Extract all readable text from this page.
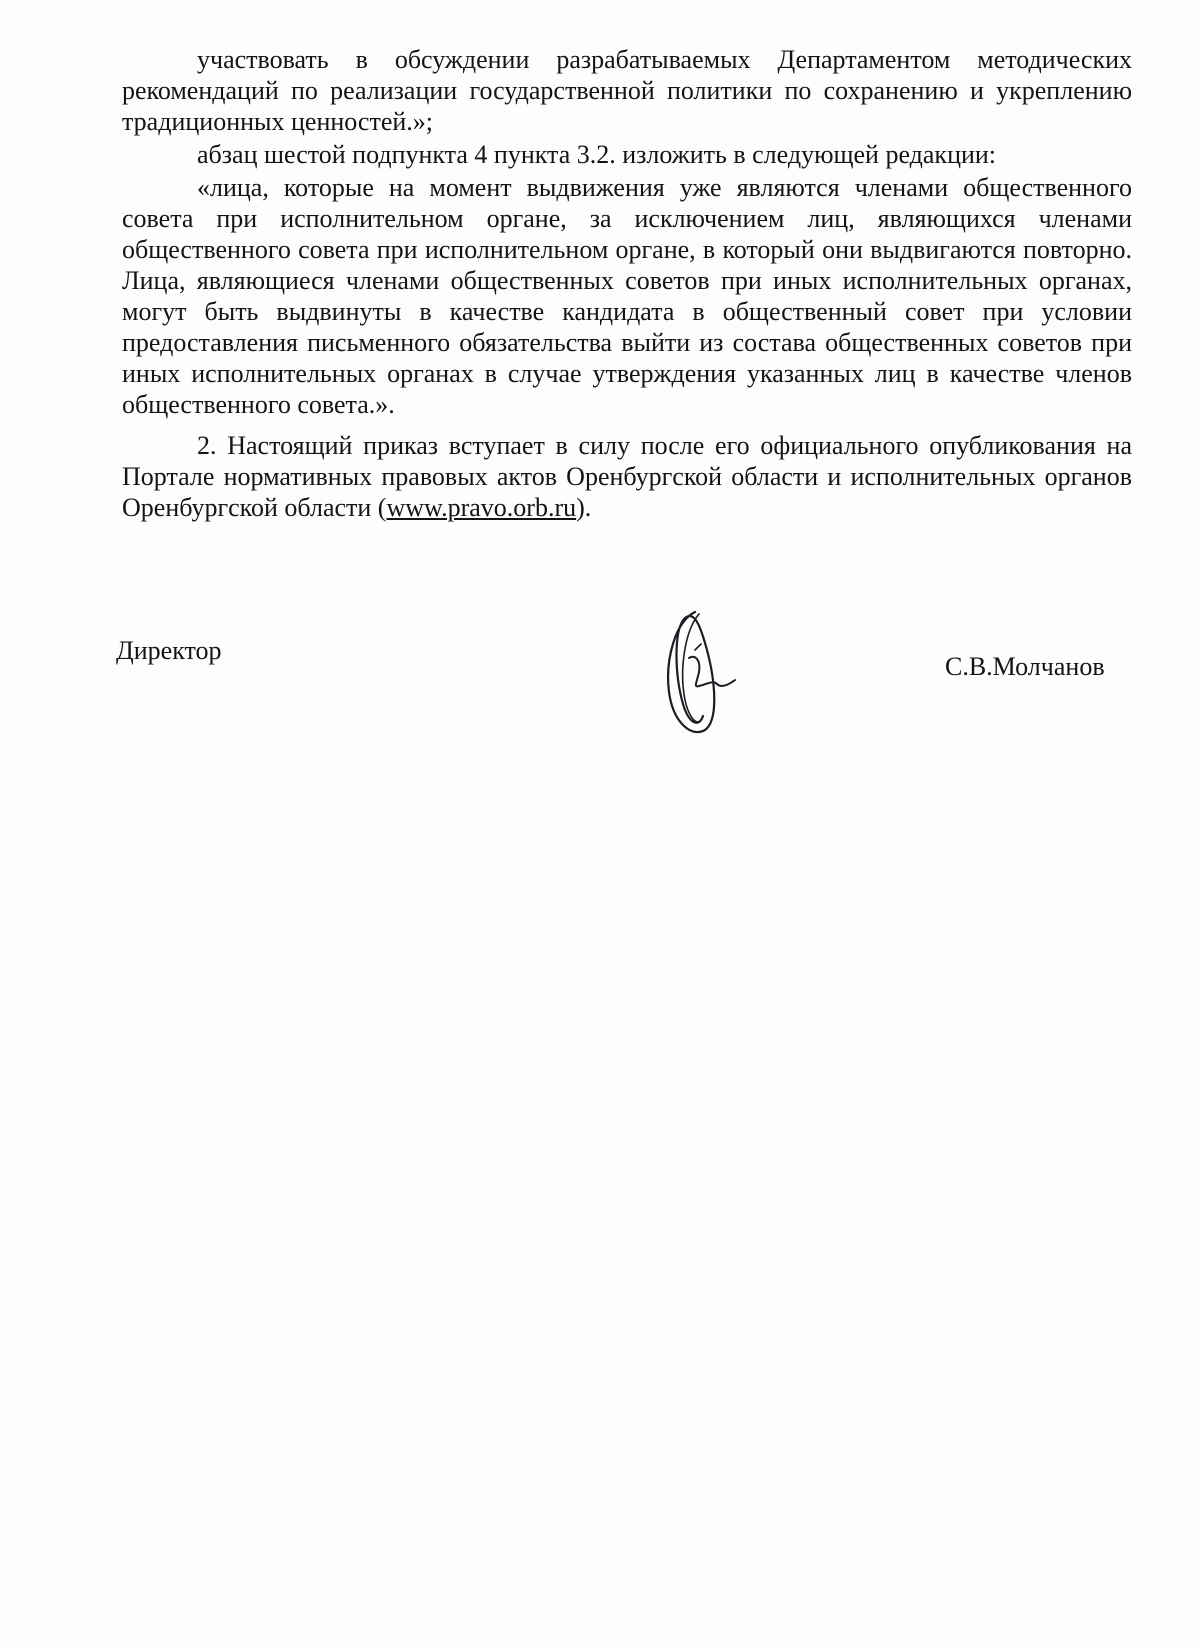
участвовать в обсуждении разрабатываемых Департаментом методических рекомендаций по реализации государственной политики по сохранению и укреплению традиционных ценностей.»;

абзац шестой подпункта 4 пункта 3.2. изложить в следующей редакции:

«лица, которые на момент выдвижения уже являются членами общественного совета при исполнительном органе, за исключением лиц, являющихся членами общественного совета при исполнительном органе, в который они выдвигаются повторно. Лица, являющиеся членами общественных советов при иных исполнительных органах, могут быть выдвинуты в качестве кандидата в общественный совет при условии предоставления письменного обязательства выйти из состава общественных советов при иных исполнительных органах в случае утверждения указанных лиц в качестве членов общественного совета.».

2. Настоящий приказ вступает в силу после его официального опубликования на Портале нормативных правовых актов Оренбургской области и исполнительных органов Оренбургской области (www.pravo.orb.ru).

Директор
С.В.Молчанов
